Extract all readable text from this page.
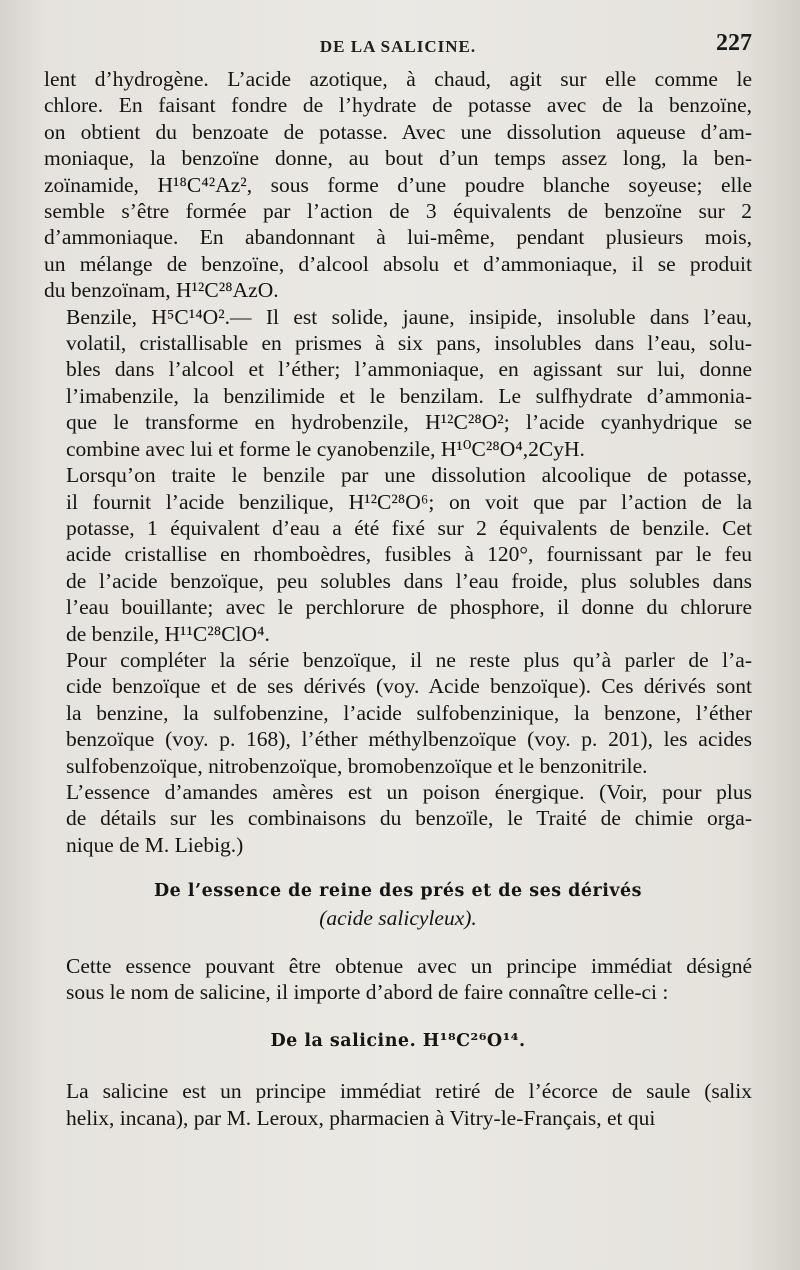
DE LA SALICINE.	227

lent d’hydrogène. L’acide azotique, à chaud, agit sur elle comme le
chlore. En faisant fondre de l’hydrate de potasse avec de la benzoïne,
on obtient du benzoate de potasse. Avec une dissolution aqueuse d’am-
moniaque, la benzoïne donne, au bout d’un temps assez long, la ben-
zoïnamide, H¹⁸C⁴²Az², sous forme d’une poudre blanche soyeuse; elle
semble s’être formée par l’action de 3 équivalents de benzoïne sur 2
d’ammoniaque. En abandonnant à lui-même, pendant plusieurs mois,
un mélange de benzoïne, d’alcool absolu et d’ammoniaque, il se produit
du benzoïnam, H¹²C²⁸AzO.

Benzile, H⁵C¹⁴O².— Il est solide, jaune, insipide, insoluble dans l’eau,
volatil, cristallisable en prismes à six pans, insolubles dans l’eau, solu-
bles dans l’alcool et l’éther; l’ammoniaque, en agissant sur lui, donne
l’imabenzile, la benzilimide et le benzilam. Le sulfhydrate d’ammonia-
que le transforme en hydrobenzile, H¹²C²⁸O²; l’acide cyanhydrique se
combine avec lui et forme le cyanobenzile, H¹⁰C²⁸O⁴,2CyH.

Lorsqu’on traite le benzile par une dissolution alcoolique de potasse,
il fournit l’acide benzilique, H¹²C²⁸O⁶; on voit que par l’action de la
potasse, 1 équivalent d’eau a été fixé sur 2 équivalents de benzile. Cet
acide cristallise en rhomboèdres, fusibles à 120°, fournissant par le feu
de l’acide benzoïque, peu solubles dans l’eau froide, plus solubles dans
l’eau bouillante; avec le perchlorure de phosphore, il donne du chlorure
de benzile, H¹¹C²⁸ClO⁴.

Pour compléter la série benzoïque, il ne reste plus qu’à parler de l’a-
cide benzoïque et de ses dérivés (voy. Acide benzoïque). Ces dérivés sont
la benzine, la sulfobenzine, l’acide sulfobenzinique, la benzone, l’éther
benzoïque (voy. p. 168), l’éther méthylbenzoïque (voy. p. 201), les acides
sulfobenzoïque, nitrobenzoïque, bromobenzoïque et le benzonitrile.

L’essence d’amandes amères est un poison énergique. (Voir, pour plus
de détails sur les combinaisons du benzoïle, le Traité de chimie orga-
nique de M. Liebig.)

De l’essence de reine des prés et de ses dérivés
(acide salicyleux).

Cette essence pouvant être obtenue avec un principe immédiat désigné
sous le nom de salicine, il importe d’abord de faire connaître celle-ci :

De la salicine. H¹⁸C²⁶O¹⁴.

La salicine est un principe immédiat retiré de l’écorce de saule (salix
helix, incana), par M. Leroux, pharmacien à Vitry-le-Français, et qui
